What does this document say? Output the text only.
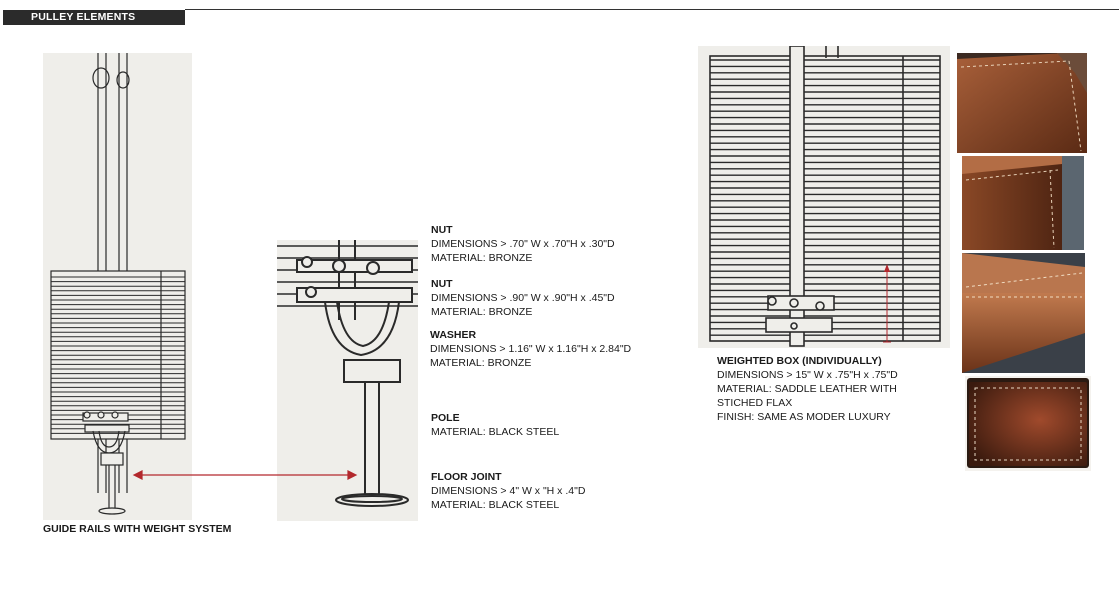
PULLEY ELEMENTS
NUT
DIMENSIONS > .70" W x .70"H x .30"D
MATERIAL: BRONZE
NUT
DIMENSIONS > .90" W x .90"H x .45"D
MATERIAL: BRONZE
WASHER
DIMENSIONS > 1.16" W x 1.16"H x 2.84"D
MATERIAL: BRONZE
POLE
MATERIAL: BLACK STEEL
FLOOR JOINT
DIMENSIONS > 4" W x "H x .4"D
MATERIAL: BLACK STEEL
GUIDE RAILS WITH WEIGHT SYSTEM
WEIGHTED BOX (INDIVIDUALLY)
DIMENSIONS > 15" W x .75"H x .75"D
MATERIAL: SADDLE LEATHER WITH
STICHED FLAX
FINISH: SAME AS MODER LUXURY
